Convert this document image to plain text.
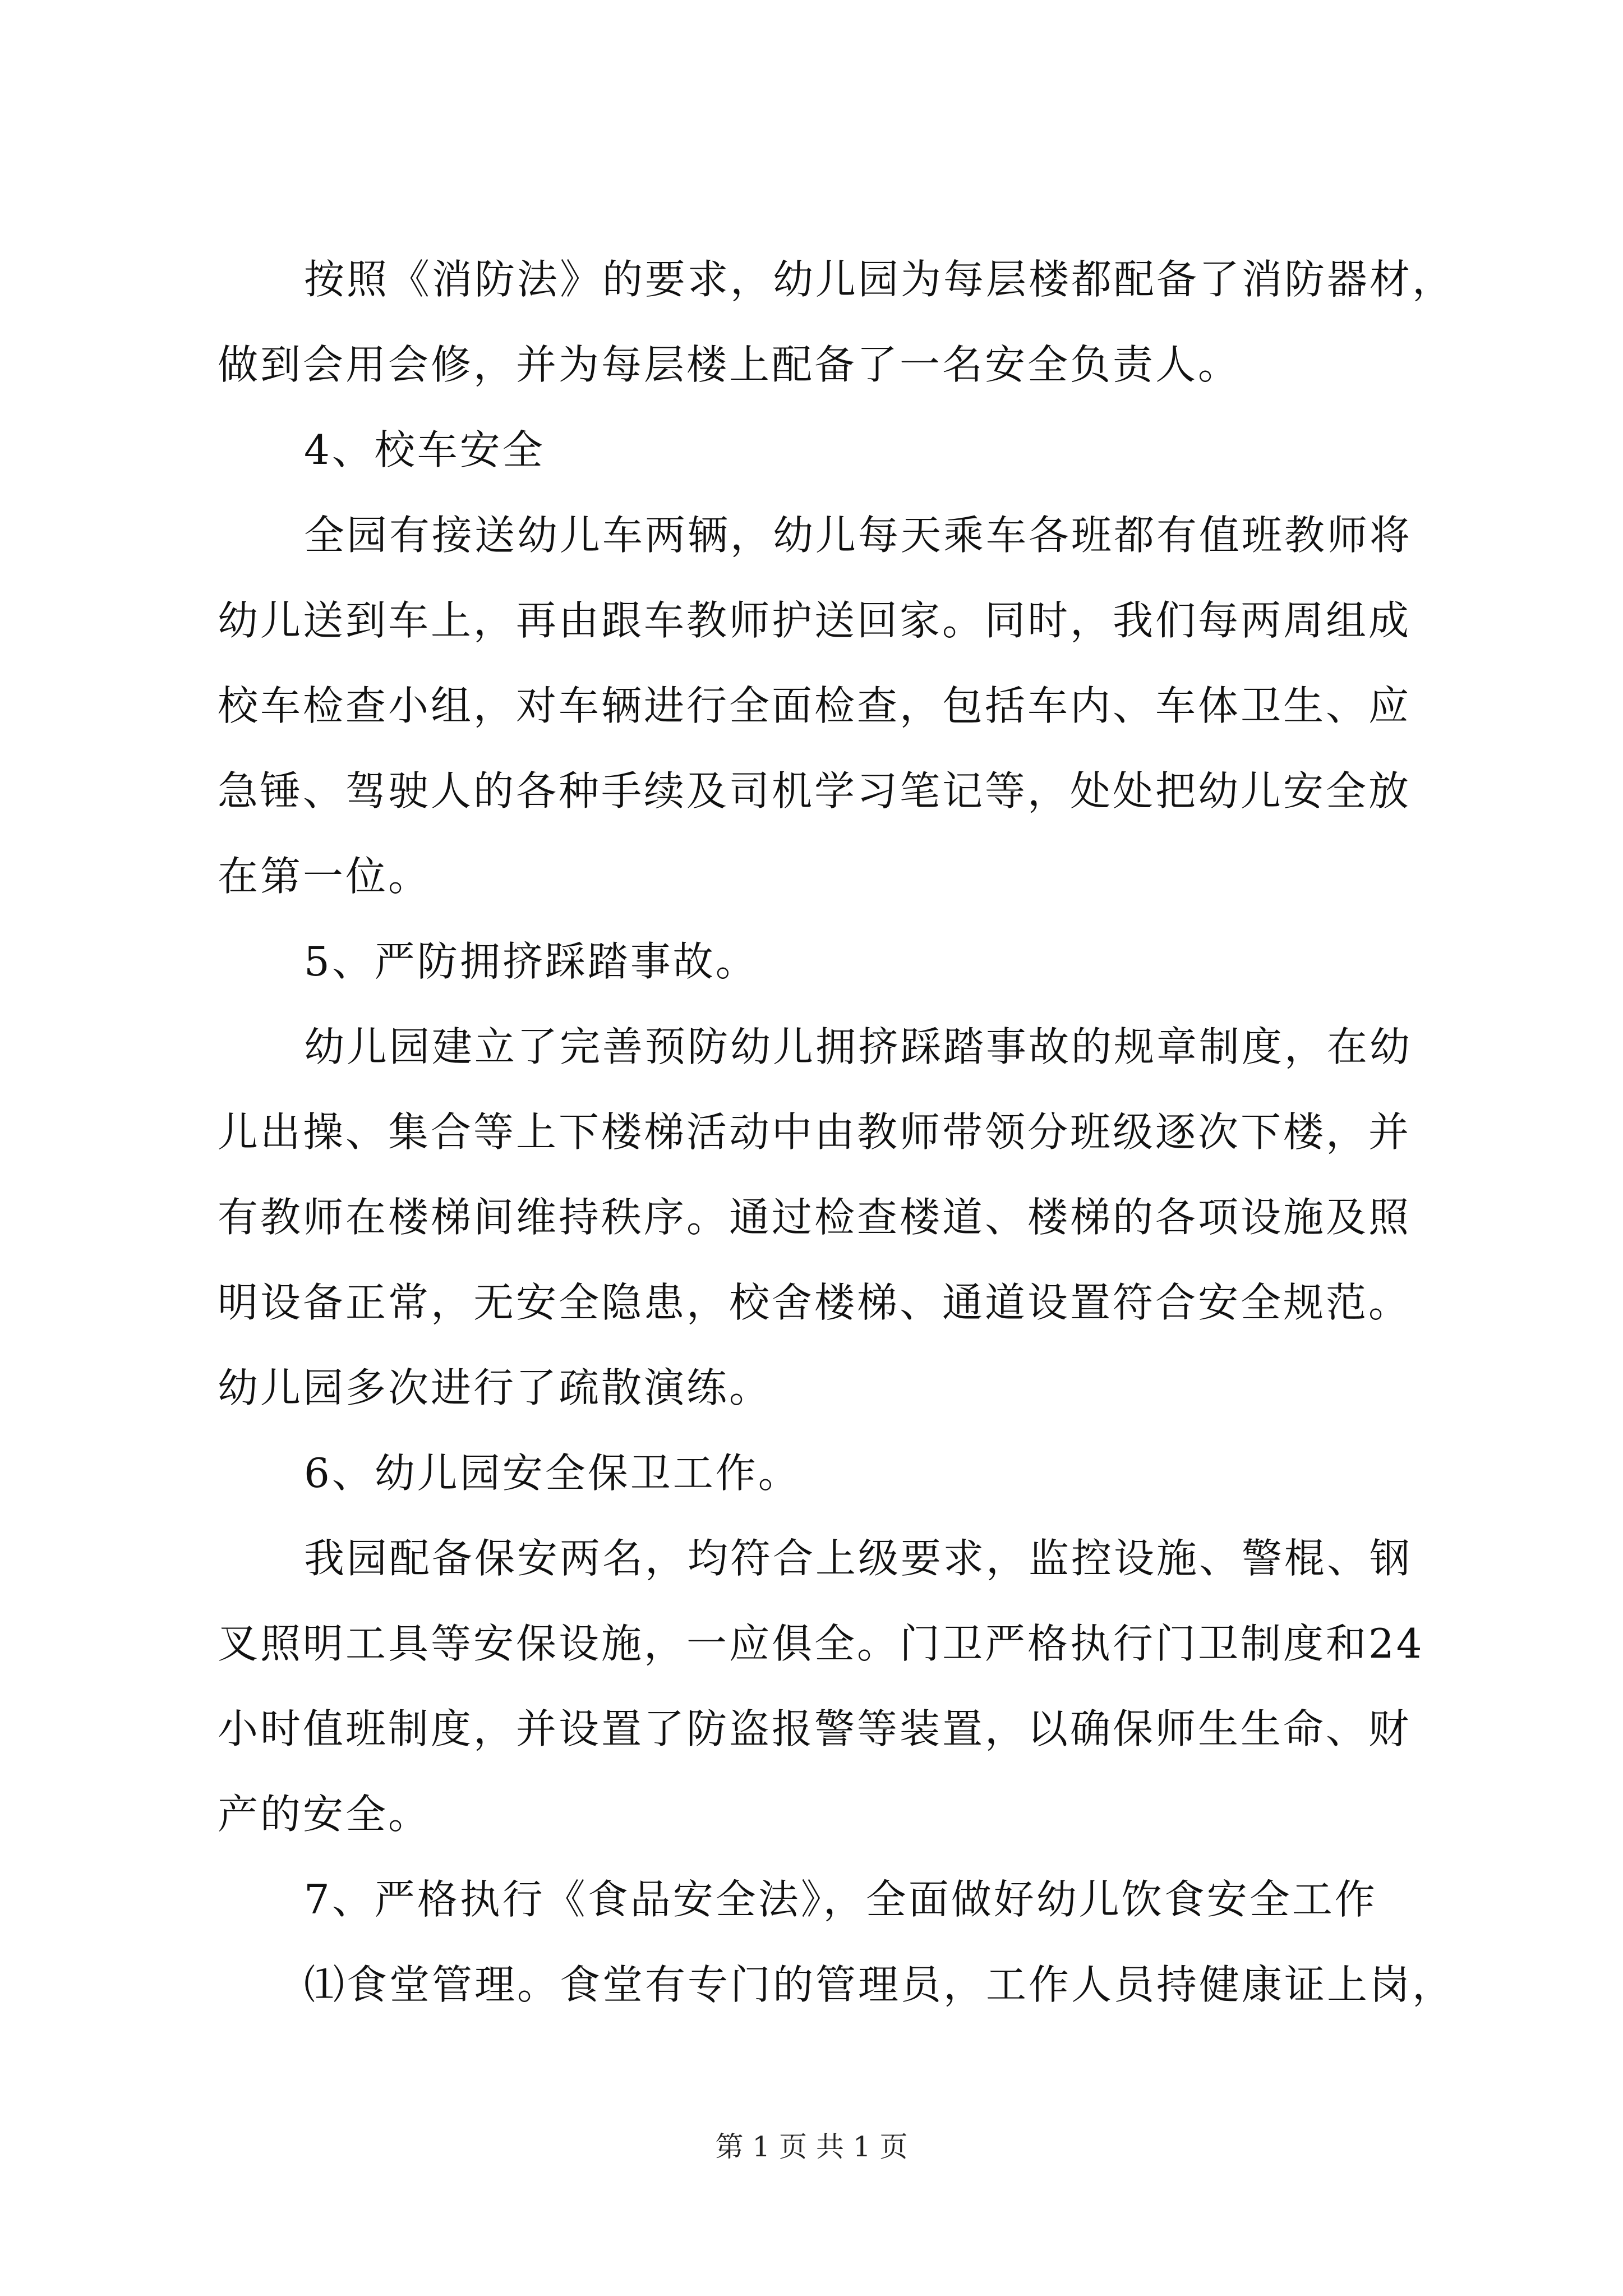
按照《消防法》的要求，幼儿园为每层楼都配备了消防器材，
做到会用会修，并为每层楼上配备了一名安全负责人。
4、校车安全
全园有接送幼儿车两辆，幼儿每天乘车各班都有值班教师将
幼儿送到车上，再由跟车教师护送回家。同时，我们每两周组成
校车检查小组，对车辆进行全面检查，包括车内、车体卫生、应
急锤、驾驶人的各种手续及司机学习笔记等，处处把幼儿安全放
在第一位。
5、严防拥挤踩踏事故。
幼儿园建立了完善预防幼儿拥挤踩踏事故的规章制度，在幼
儿出操、集合等上下楼梯活动中由教师带领分班级逐次下楼，并
有教师在楼梯间维持秩序。通过检查楼道、楼梯的各项设施及照
明设备正常，无安全隐患，校舍楼梯、通道设置符合安全规范。
幼儿园多次进行了疏散演练。
6、幼儿园安全保卫工作。
我园配备保安两名，均符合上级要求，监控设施、警棍、钢
叉照明工具等安保设施，一应俱全。门卫严格执行门卫制度和24
小时值班制度，并设置了防盗报警等装置，以确保师生生命、财
产的安全。
7、严格执行《食品安全法》，全面做好幼儿饮食安全工作
⑴食堂管理。食堂有专门的管理员，工作人员持健康证上岗，
第 1 页 共 1 页
